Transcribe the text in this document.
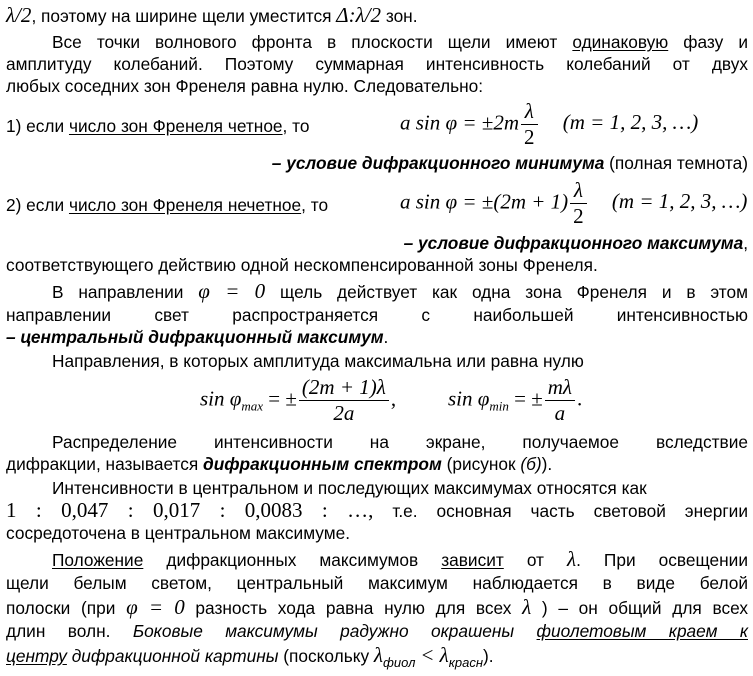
λ/2, поэтому на ширине щели уместится Δ:λ/2 зон.
Все точки волнового фронта в плоскости щели имеют одинаковую фазу и
амплитуду колебаний. Поэтому суммарная интенсивность колебаний от двух
любых соседних зон Френеля равна нулю. Следовательно:
1) если число зон Френеля четное, то	a $\sin \varphi = \pm 2m \frac{\lambda}{2} (m = 1$, 2, 3, …)
– условие дифракционного минимума (полная темнота)
2) если число зон Френеля нечетное, то	a $\sin \varphi = \pm(2m + 1) \frac{\lambda}{2} (m = 1$, 2, 3, …)
– условие дифракционного максимума,
соответствующего действию одной нескомпенсированной зоны Френеля.
В направлении φ = 0 щель действует как одна зона Френеля и в этом
направлении свет распространяется с наибольшей интенсивностью
– центральный дифракционный максимум.
Направления, в которых амплитуда максимальна или равна нулю
$\sin \varphi_{max}$ = ± $\frac{(2m + 1)\lambda}{2a}$ , $\sin \varphi_{min}$ = ± $\frac{m\lambda}{a}$ .
Распределение интенсивности на экране, получаемое вследствие
дифракции, называется дифракционным спектром (рисунок (б)).
Интенсивности в центральном и последующих максимумах относятся как
1 : 0,047 : 0,017 : 0,0083 : …, т.е. основная часть световой энергии
сосредоточена в центральном максимуме.
Положение дифракционных максимумов зависит от λ. При освещении
щели белым светом, центральный максимум наблюдается в виде белой
полоски (при φ = 0 разность хода равна нулю для всех λ ) – он общий для всех
длин волн. Боковые максимумы радужно окрашены фиолетовым краем к
центру дифракционной картины (поскольку $\lambda_{фиол} < \lambda_{красн}$).
